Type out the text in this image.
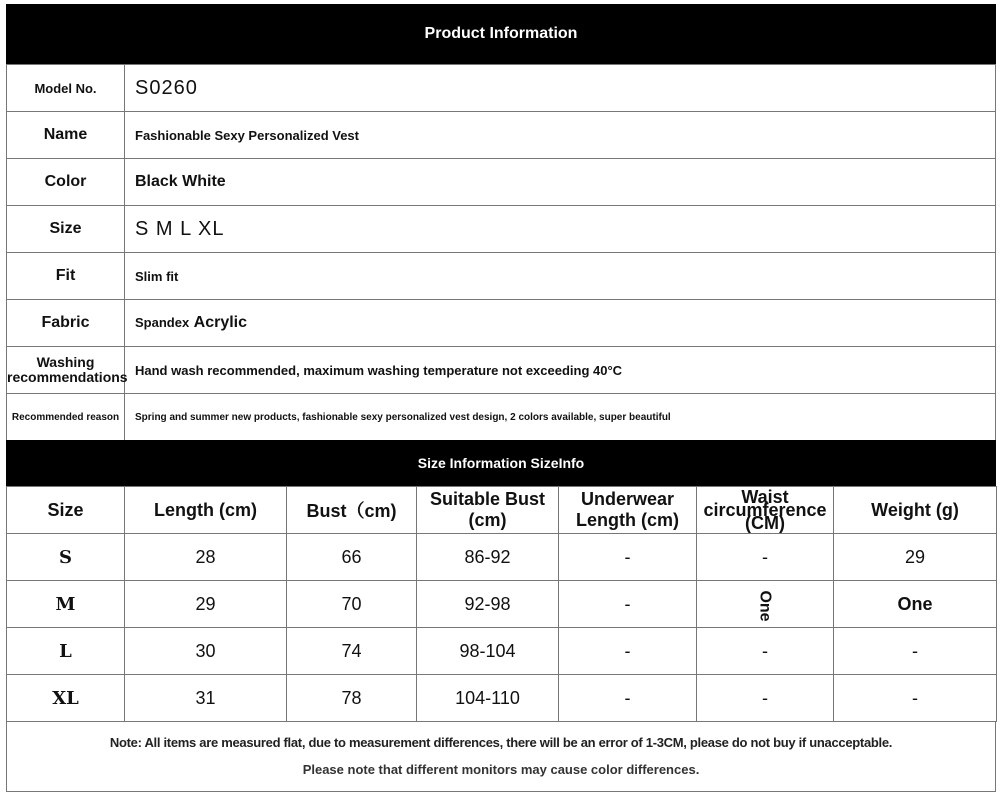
Product Information
Model No.	S0260
Name	Fashionable Sexy Personalized Vest
Color	Black White
Size	S M L XL
Fit	Slim fit
Fabric	Spandex Acrylic
Washing recommendations	Hand wash recommended, maximum washing temperature not exceeding 40°C
Recommended reason	Spring and summer new products, fashionable sexy personalized vest design, 2 colors available, super beautiful
Size Information SizeInfo
Size	Length (cm)	Bust（cm)	Suitable Bust (cm)	Underwear Length (cm)	Waist circumference (CM)	Weight (g)
S	28	66	86-92	-	-	29
M	29	70	92-98	-	One	One
L	30	74	98-104	-	-	-
XL	31	78	104-110	-	-	-
Note: All items are measured flat, due to measurement differences, there will be an error of 1-3CM, please do not buy if unacceptable.
Please note that different monitors may cause color differences.
